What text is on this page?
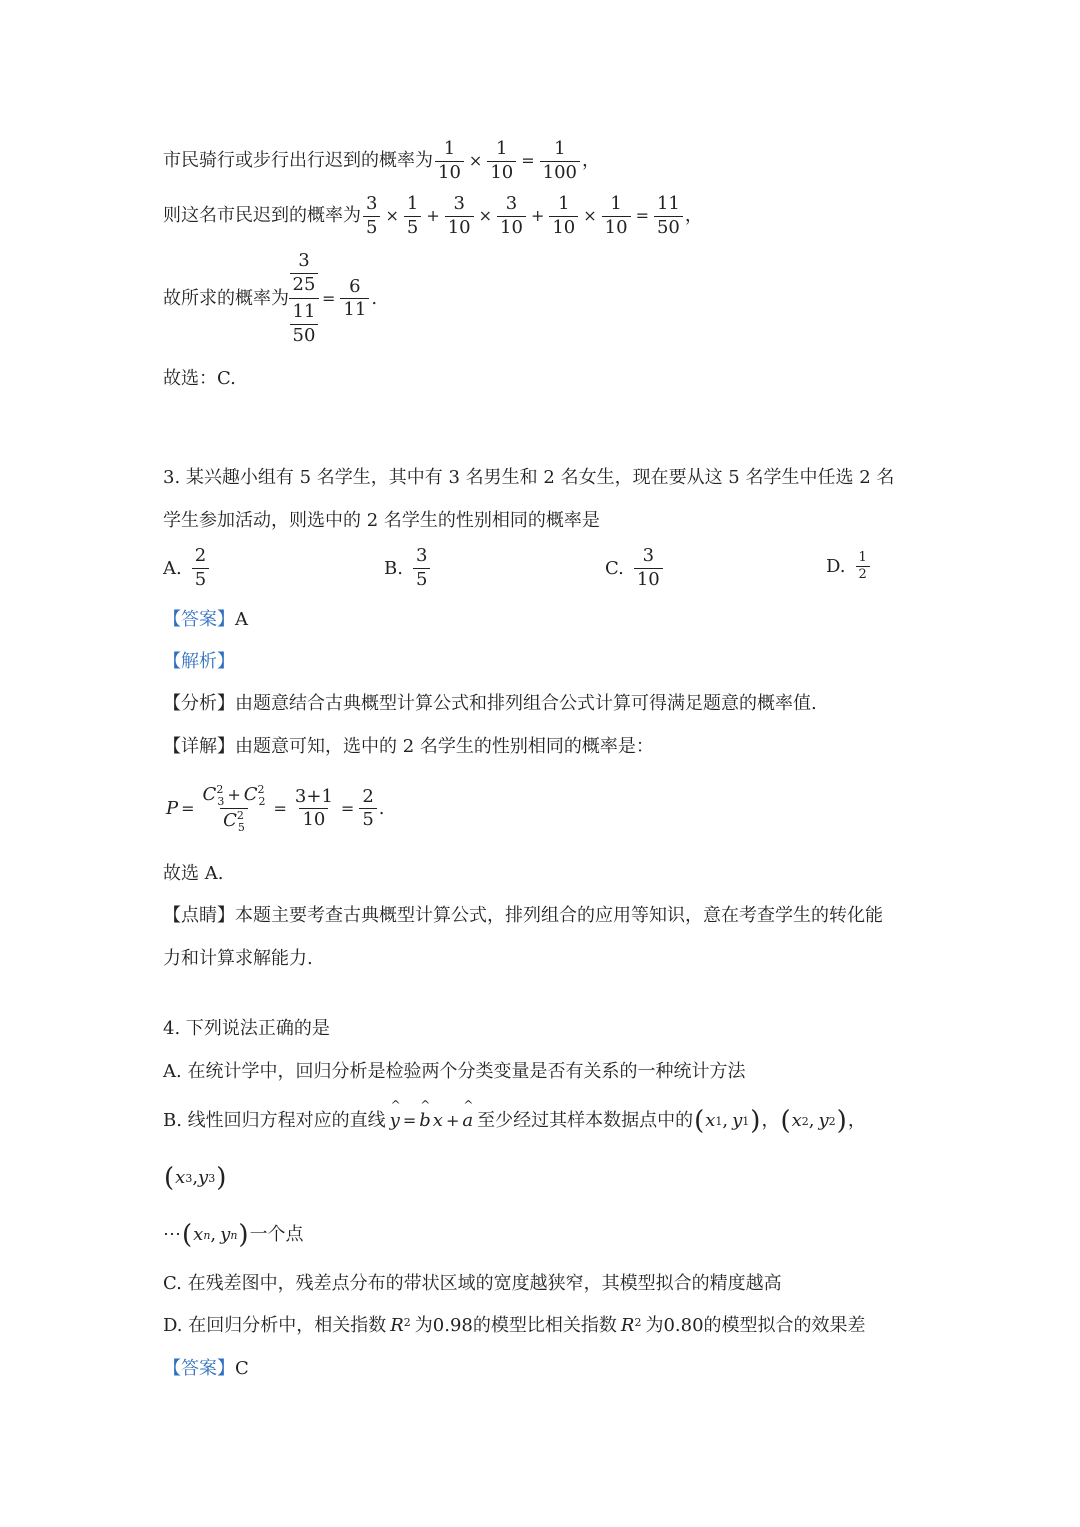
市民骑行或步行出行迟到的概率为 $\frac{1}{10} \times \frac{1}{10} = \frac{1}{100}$ ，
则这名市民迟到的概率为 $\frac{3}{5} \times \frac{1}{5} + \frac{3}{10} \times \frac{3}{10} + \frac{1}{10} \times \frac{1}{10} = \frac{11}{50}$ ，
故所求的概率为
$\frac{3}{25}$
$\frac{11}{50}$
= $\frac{6}{11}$ .
故选：C.
3. 某兴趣小组有 5 名学生，其中有 3 名男生和 2 名女生，现在要从这 5 名学生中任选 2 名
学生参加活动，则选中的 2 名学生的性别相同的概率是
A. $\frac{2}{5}$	B. $\frac{3}{5}$	C. $\frac{3}{10}$	D. $\frac{1}{2}$
【答案】 A
【解析】
【分析】 由题意结合古典概型计算公式和排列组合公式计算可得满足题意的概率值.
【详解】 由题意可知，选中的 2 名学生的性别相同的概率是：
$P = \frac{C^2_3 + C^2_2}{C^2_5} = \frac{3+1}{10} = \frac{2}{5}$ .
故选 A.
【点睛】 本题主要考查古典概型计算公式，排列组合的应用等知识，意在考查学生的转化能
力和计算求解能力.
4. 下列说法正确的是
A. 在统计学中，回归分析是检验两个分类变量是否有关系的一种统计方法
B. 线性回归方程对应的直线 ^ y = ^ b x + ^ a 至少经过其样本数据点中的 ( x 1 , y 1 ) ， ( x 2 , y 2 ) ，
( x 3 , y 3 )
⋯ ( x n , y n ) 一个点
C. 在残差图中，残差点分布的带状区域的宽度越狭窄，其模型拟合的精度越高
D. 在回归分析中，相关指数 R 2 为 0.98 的模型比相关指数 R 2 为 0.80 的模型拟合的效果差
【答案】 C
